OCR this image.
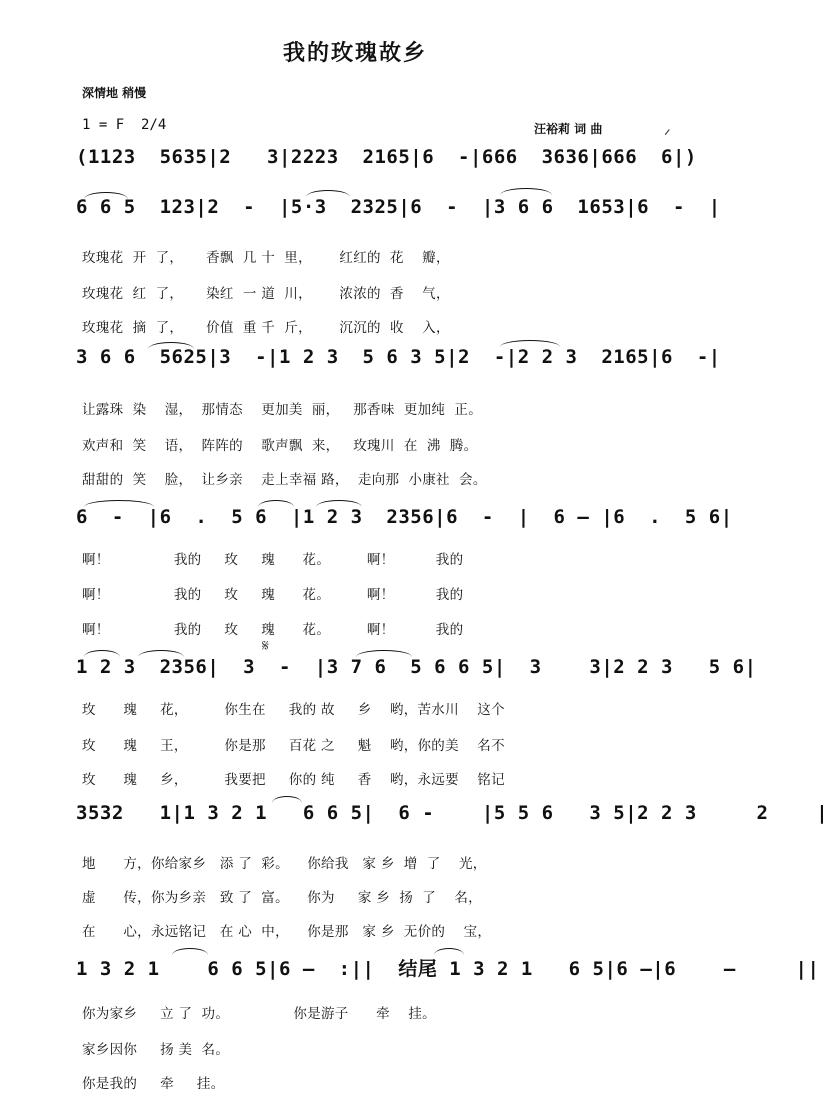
我的玫瑰故乡
深情地 稍慢
1 = F  2/4	汪裕莉 词 曲
(1123  5635|2   3|2223  2165|6  -|666  3636|666  6|)
6 6 5  123|2  -  |5·3  2325|6  -  |3 6 6  1653|6  -  |
玫瑰花  开  了，     香飘  几 十  里，      红红的  花    瓣，
玫瑰花  红  了，     染红  一 道  川，      浓浓的  香    气，
玫瑰花  摘  了，     价值  重 千  斤，      沉沉的  收    入，
3 6 6  5625|3  -|1 2 3  5 6 3 5|2  -|2 2 3  2165|6  -|
让露珠  染    湿，  那情态    更加美  丽，   那香味  更加纯  正。
欢声和  笑    语，  阵阵的    歌声飘  来，   玫瑰川  在  沸  腾。
甜甜的  笑    脸，  让乡亲    走上幸福 路，  走向那  小康社  会。
6  -  |6  .  5 6  |1 2 3  2356|6  -  |  6 — |6  .  5 6|
啊！              我的     玫     瑰      花。        啊！         我的
啊！              我的     玫     瑰      花。        啊！         我的
啊！              我的     玫     瑰      花。        啊！         我的
1 2 3  2356|  3  -  |3 7 6  5 6 6 5|  3    3|2 2 3   5 6|
玫      瑰     花，        你生在     我的 故     乡    哟，苦水川    这个
玫      瑰     王，        你是那     百花 之     魁    哟，你的美    名不
玫      瑰     乡，        我要把     你的 纯     香    哟，永远要    铭记
3532   1|1 3 2 1   6 6 5|  6 -    |5 5 6   3 5|2 2 3     2    |
地      方，你给家乡   添 了  彩。    你给我   家 乡  增  了    光，
虚      传，你为乡亲   致 了  富。    你为     家 乡  扬  了    名，
在      心，永远铭记   在 心  中，    你是那   家 乡  无价的    宝，
1 3 2 1    6 6 5|6 —  :||  结尾 1 3 2 1   6 5|6 —|6    —     ||
你为家乡     立 了  功。              你是游子      牵    挂。
家乡因你     扬 美  名。
你是我的     牵     挂。
𝄋
ᐟ
